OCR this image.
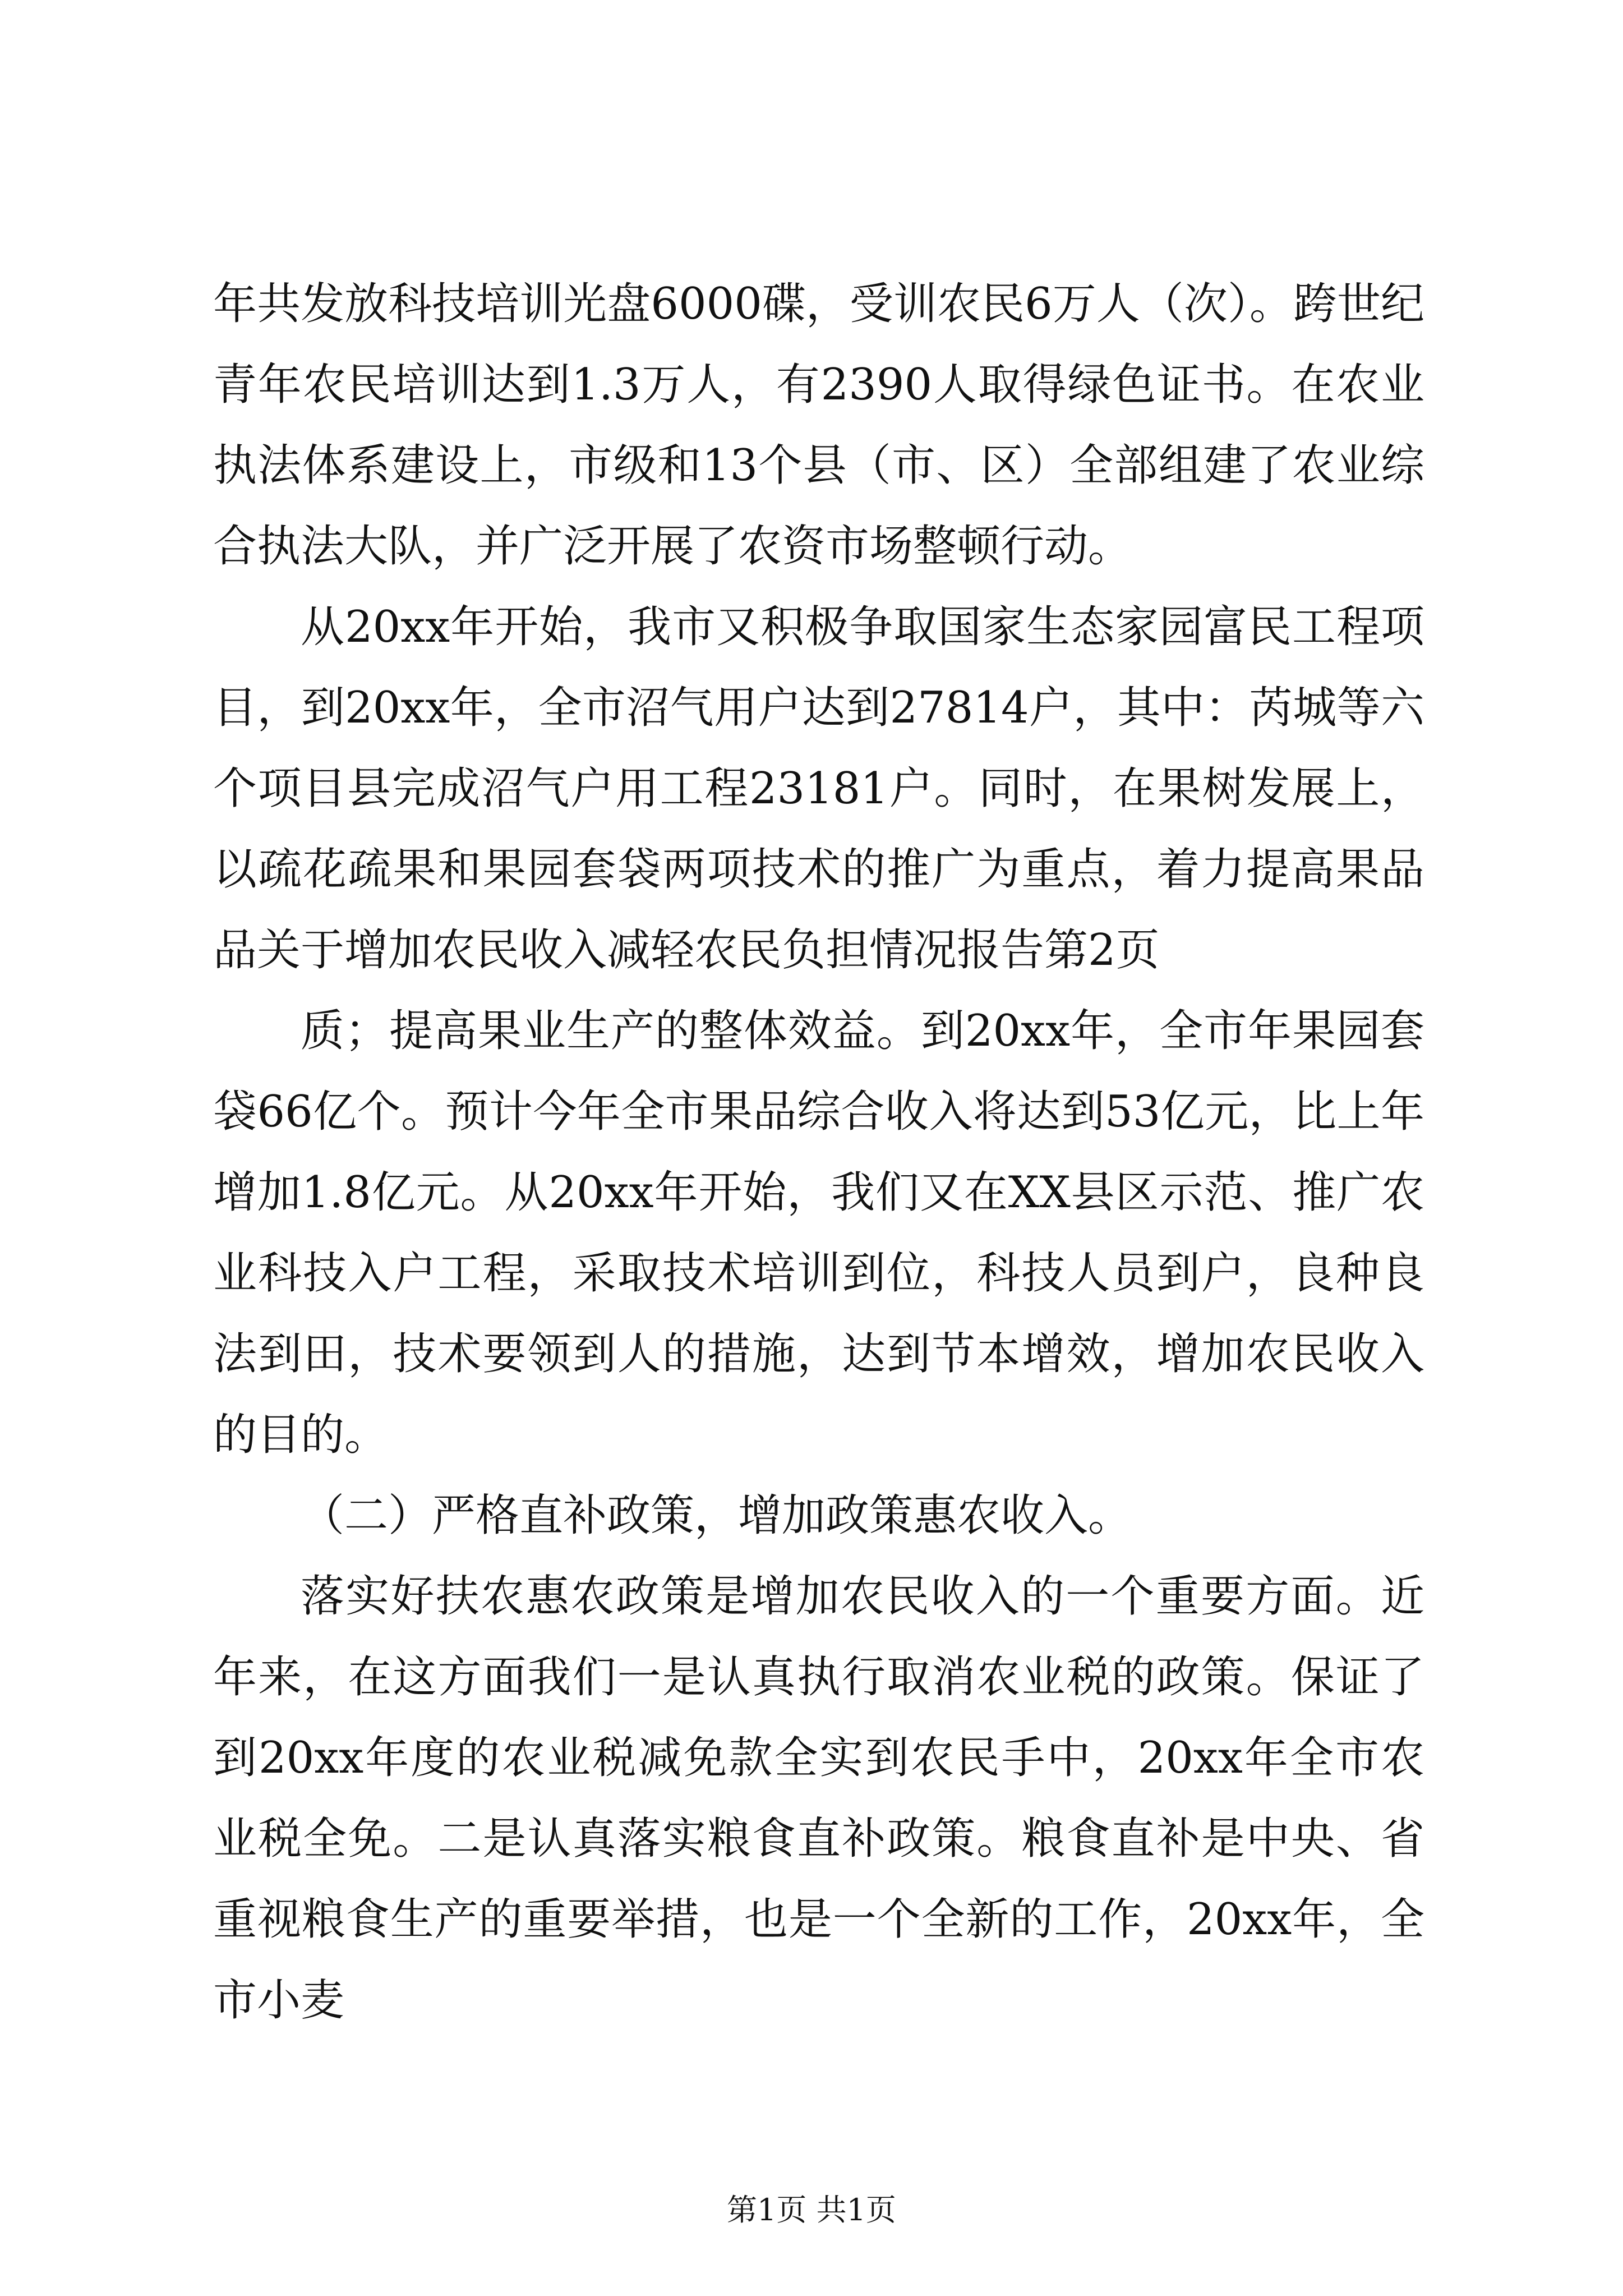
年共发放科技培训光盘6000碟，受训农民6万人（次）。跨世纪青年农民培训达到1.3万人，有2390人取得绿色证书。在农业执法体系建设上，市级和13个县（市、区）全部组建了农业综合执法大队，并广泛开展了农资市场整顿行动。

从20xx年开始，我市又积极争取国家生态家园富民工程项目，到20xx年，全市沼气用户达到27814户，其中：芮城等六个项目县完成沼气户用工程23181户。同时，在果树发展上，以疏花疏果和果园套袋两项技术的推广为重点，着力提高果品品关于增加农民收入减轻农民负担情况报告第2页

质；提高果业生产的整体效益。到20xx年，全市年果园套袋66亿个。预计今年全市果品综合收入将达到53亿元，比上年增加1.8亿元。从20xx年开始，我们又在XX县区示范、推广农业科技入户工程，采取技术培训到位，科技人员到户，良种良法到田，技术要领到人的措施，达到节本增效，增加农民收入的目的。

（二）严格直补政策，增加政策惠农收入。

落实好扶农惠农政策是增加农民收入的一个重要方面。近年来，在这方面我们一是认真执行取消农业税的政策。保证了到20xx年度的农业税减免款全实到农民手中，20xx年全市农业税全免。二是认真落实粮食直补政策。粮食直补是中央、省重视粮食生产的重要举措，也是一个全新的工作，20xx年，全市小麦

第1页 共1页
